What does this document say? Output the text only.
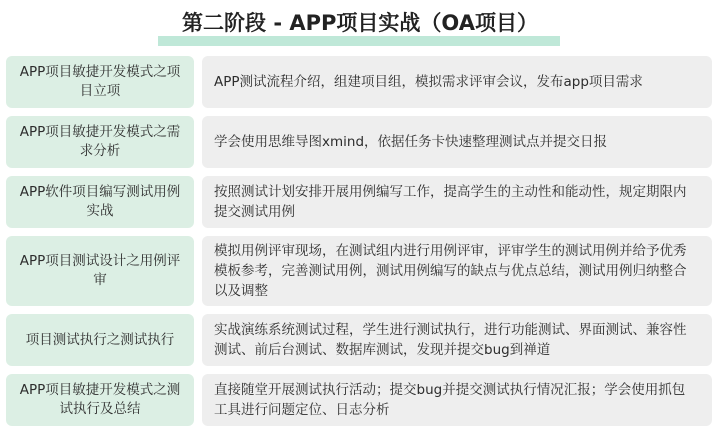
第二阶段 - APP项目实战（OA项目）
APP项目敏捷开发模式之项目立项
APP测试流程介绍，组建项目组，模拟需求评审会议，发布app项目需求
APP项目敏捷开发模式之需求分析
学会使用思维导图xmind，依据任务卡快速整理测试点并提交日报
APP软件项目编写测试用例实战
按照测试计划安排开展用例编写工作，提高学生的主动性和能动性，规定期限内提交测试用例
APP项目测试设计之用例评审
模拟用例评审现场，在测试组内进行用例评审，评审学生的测试用例并给予优秀模板参考，完善测试用例，测试用例编写的缺点与优点总结，测试用例归纳整合以及调整
项目测试执行之测试执行
实战演练系统测试过程，学生进行测试执行，进行功能测试、界面测试、兼容性测试、前后台测试、数据库测试，发现并提交bug到禅道
APP项目敏捷开发模式之测试执行及总结
直接随堂开展测试执行活动；提交bug并提交测试执行情况汇报；学会使用抓包工具进行问题定位、日志分析
